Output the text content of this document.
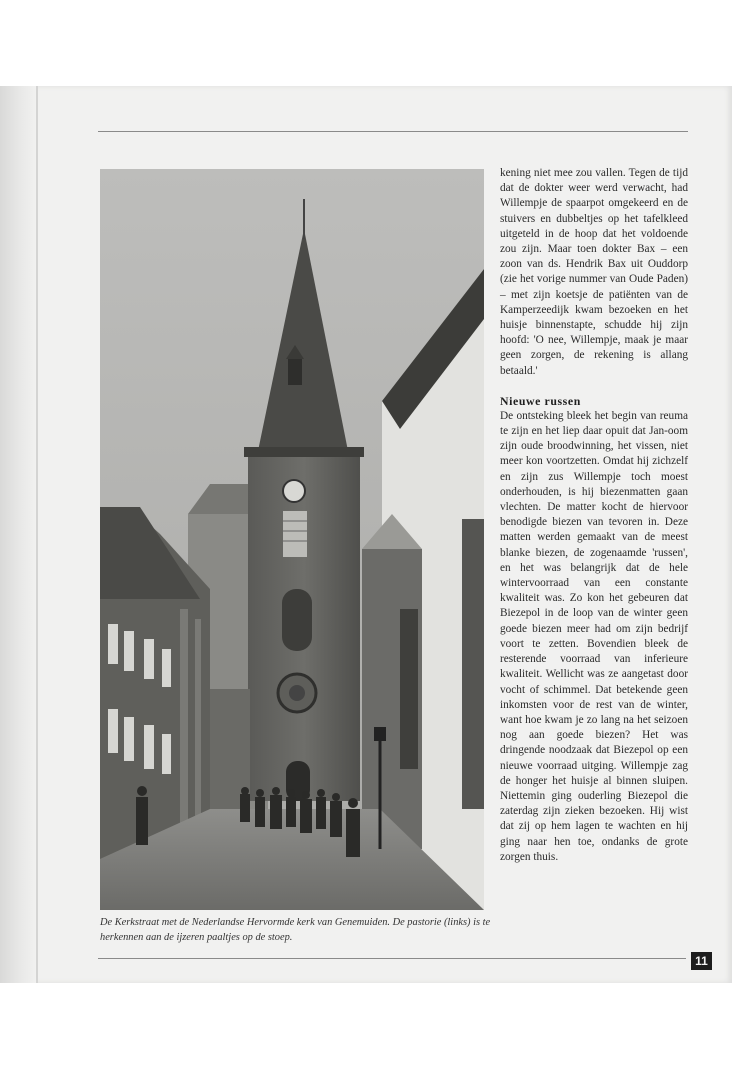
De Kerkstraat met de Nederlandse Hervormde kerk van Genemuiden. De pastorie (links) is te herkennen aan de ijzeren paaltjes op de stoep.

kening niet mee zou vallen. Tegen de tijd dat de dokter weer werd verwacht, had Willempje de spaarpot omgekeerd en de stuivers en dubbeltjes op het tafelkleed uitgeteld in de hoop dat het voldoende zou zijn. Maar toen dokter Bax – een zoon van ds. Hendrik Bax uit Ouddorp (zie het vorige nummer van Oude Paden) – met zijn koetsje de patiënten van de Kamperzeedijk kwam bezoeken en het huisje binnenstapte, schudde hij zijn hoofd: 'O nee, Willempje, maak je maar geen zorgen, de rekening is allang betaald.'

Nieuwe russen

De ontsteking bleek het begin van reuma te zijn en het liep daar opuit dat Jan-oom zijn oude broodwinning, het vissen, niet meer kon voortzetten. Omdat hij zichzelf en zijn zus Willempje toch moest onderhouden, is hij biezenmatten gaan vlechten. De matter kocht de hiervoor benodigde biezen van tevoren in. Deze matten werden gemaakt van de meest blanke biezen, de zogenaamde 'russen', en het was belangrijk dat de hele wintervoorraad van een constante kwaliteit was. Zo kon het gebeuren dat Biezepol in de loop van de winter geen goede biezen meer had om zijn bedrijf voort te zetten. Bovendien bleek de resterende voorraad van inferieure kwaliteit. Wellicht was ze aangetast door vocht of schimmel. Dat betekende geen inkomsten voor de rest van de winter, want hoe kwam je zo lang na het seizoen nog aan goede biezen? Het was dringende noodzaak dat Biezepol op een nieuwe voorraad uitging. Willempje zag de honger het huisje al binnen sluipen. Niettemin ging ouderling Biezepol die zaterdag zijn zieken bezoeken. Hij wist dat zij op hem lagen te wachten en hij ging naar hen toe, ondanks de grote zorgen thuis.

11
